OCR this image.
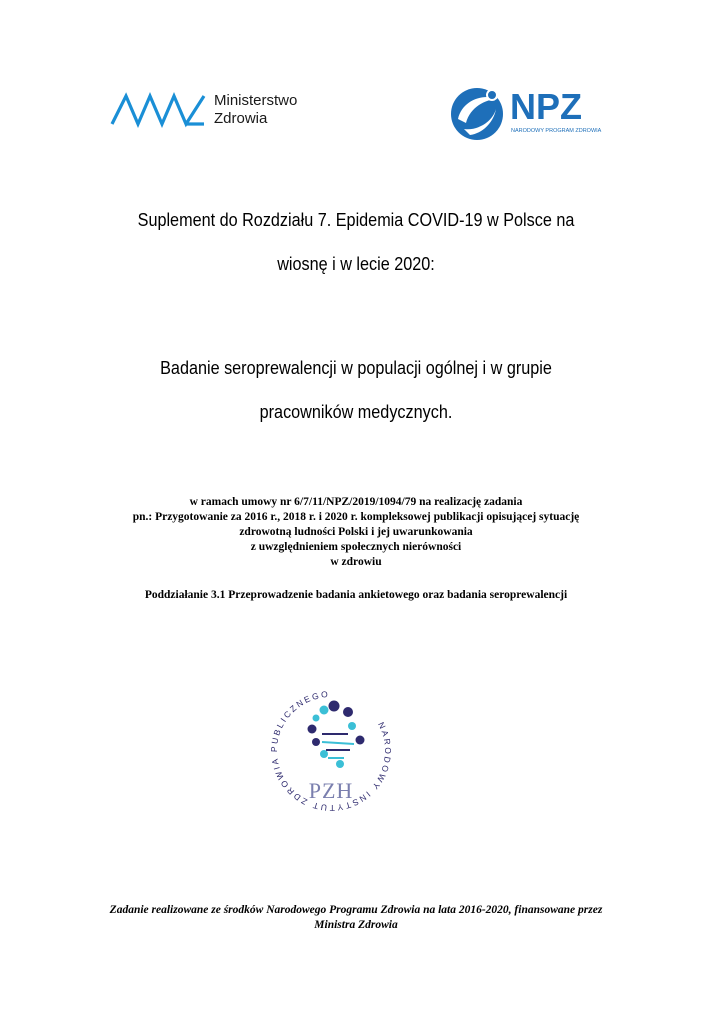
Ministerstwo
Zdrowia	NPZ
NARODOWY PROGRAM ZDROWIA
Suplement do Rozdziału 7. Epidemia COVID-19 w Polsce na
wiosnę i w lecie 2020:
Badanie seroprewalencji w populacji ogólnej i w grupie
pracowników medycznych.
w ramach umowy nr 6/7/11/NPZ/2019/1094/79 na realizację zadania
pn.: Przygotowanie za 2016 r., 2018 r. i 2020 r. kompleksowej publikacji opisującej sytuację
zdrowotną ludności Polski i jej uwarunkowania
z uwzględnieniem społecznych nierówności
w zdrowiu
Poddziałanie 3.1 Przeprowadzenie badania ankietowego oraz badania seroprewalencji
NARODOWY INSTYTUT ZDROWIA PUBLICZNEGO
PZH
Zadanie realizowane ze środków Narodowego Programu Zdrowia na lata 2016-2020, finansowane przez
Ministra Zdrowia
